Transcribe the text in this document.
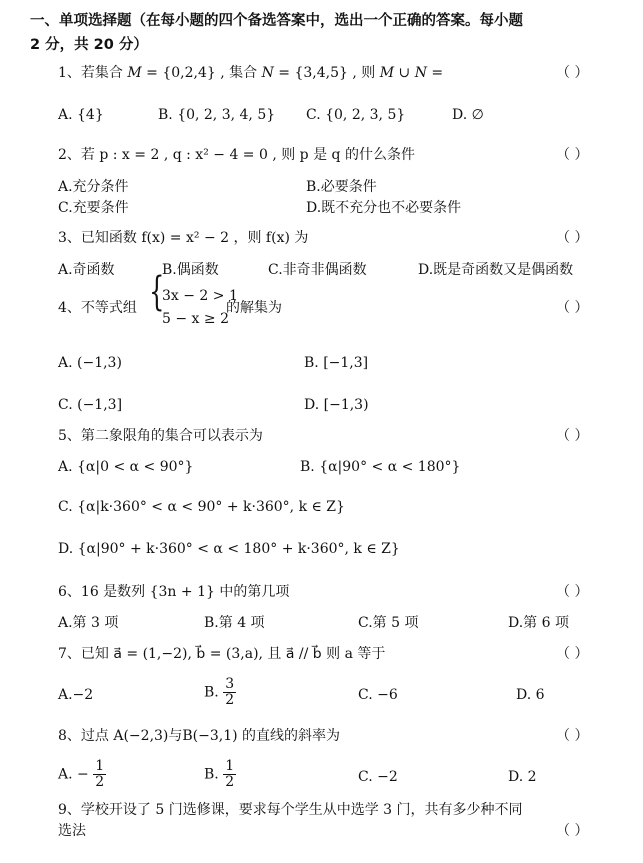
一、单项选择题（在每小题的四个备选答案中，选出一个正确的答案。每小题
2 分，共 20 分）
1、若集合 M = {0,2,4} , 集合 N = {3,4,5} , 则 M ∪ N =	（ ）
A. {4}	B. {0, 2, 3, 4, 5} C. {0, 2, 3, 5}	D. ∅
2、若 p : x = 2 , q : x² − 4 = 0 , 则 p 是 q 的什么条件	（ ）
A.充分条件	B.必要条件
C.充要条件	D.既不充分也不必要条件
3、已知函数 f(x) = x² − 2 ，则 f(x) 为	（ ）
A.奇函数	B.偶函数	C.非奇非偶函数	D.既是奇函数又是偶函数
4、不等式组 {
3x − 2 > 1
5 − x ≥ 2
的解集为	（ ）
A. (−1,3)	B. [−1,3]
C. (−1,3]	D. [−1,3)
5、第二象限角的集合可以表示为	（ ）
A. {α|0 < α < 90°}	B. {α|90° < α < 180°}
C. {α|k·360° < α < 90° + k·360°, k ∈ Z}
D. {α|90° + k·360° < α < 180° + k·360°, k ∈ Z}
6、16 是数列 {3n + 1} 中的第几项	（ ）
A.第 3 项	B.第 4 项	C.第 5 项	D.第 6 项
7、已知 a⃗ = (1,−2), b⃗ = (3,a), 且 a⃗ // b⃗ 则 a 等于	（ ）
A.−2	B. $\frac{3}{2}$	C. −6	D. 6
8、过点 A(−2,3)与B(−3,1) 的直线的斜率为	（ ）
A. − $\frac{1}{2}$	B. $\frac{1}{2}$	C. −2	D. 2
9、学校开设了 5 门选修课，要求每个学生从中选学 3 门，共有多少种不同
选法	（ ）
